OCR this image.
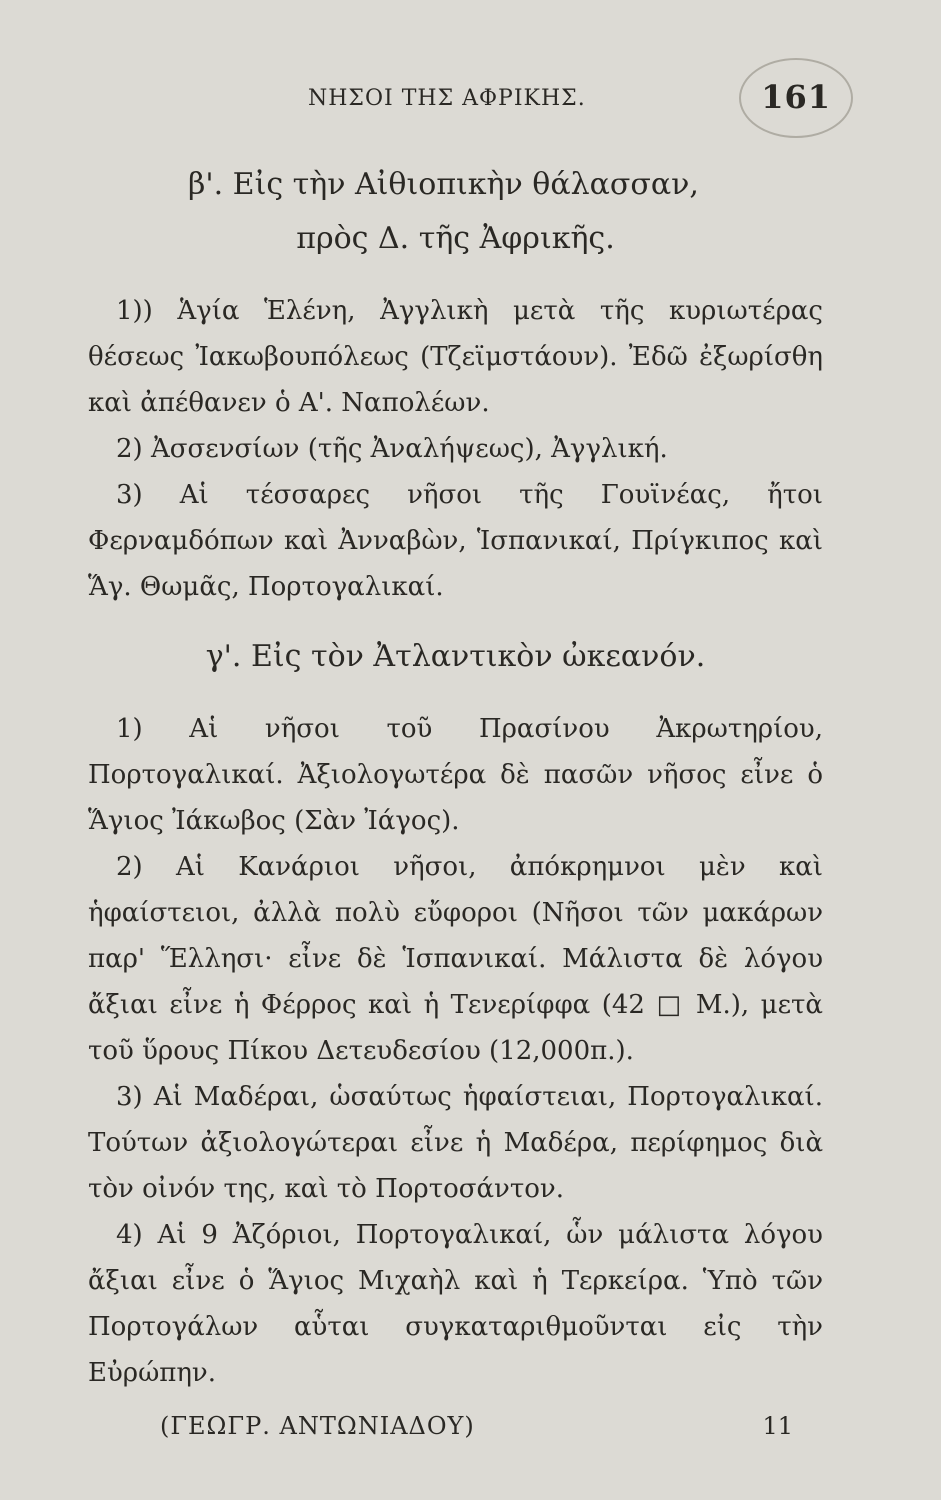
ΝΗΣΟΙ ΤΗΣ ΑΦΡΙΚΗΣ.	161

β'. Εἰς τὴν Αἰθιοπικὴν θάλασσαν,

πρὸς Δ. τῆς Ἀφρικῆς.

1)) Ἁγία Ἑλένη, Ἀγγλικὴ μετὰ τῆς κυριωτέρας θέσεως Ἰακωβουπόλεως (Τζεϊμστάουν). Ἐδῶ ἐξωρίσθη καὶ ἀπέθανεν ὁ Α'. Ναπολέων.

2) Ἀσσενσίων (τῆς Ἀναλήψεως), Ἀγγλική.

3) Αἱ τέσσαρες νῆσοι τῆς Γουϊνέας, ἤτοι Φερναμδόπων καὶ Ἀνναβὼν, Ἱσπανικαί, Πρίγκιπος καὶ Ἅγ. Θωμᾶς, Πορτογαλικαί.

γ'. Εἰς τὸν Ἀτλαντικὸν ὠκεανόν.

1) Αἱ νῆσοι τοῦ Πρασίνου Ἀκρωτηρίου, Πορτογαλικαί. Ἀξιολογωτέρα δὲ πασῶν νῆσος εἶνε ὁ Ἅγιος Ἰάκωβος (Σὰν Ἰάγος).

2) Αἱ Κανάριοι νῆσοι, ἀπόκρημνοι μὲν καὶ ἡφαίστειοι, ἀλλὰ πολὺ εὔφοροι (Νῆσοι τῶν μακάρων παρ' Ἕλλησι· εἶνε δὲ Ἱσπανικαί. Μάλιστα δὲ λόγου ἄξιαι εἶνε ἡ Φέρρος καὶ ἡ Τενερίφφα (42 □ Μ.), μετὰ τοῦ ὕρους Πίκου Δετευδεσίου (12,000π.).

3) Αἱ Μαδέραι, ὡσαύτως ἡφαίστειαι, Πορτογαλικαί. Τούτων ἀξιολογώτεραι εἶνε ἡ Μαδέρα, περίφημος διὰ τὸν οἰνόν της, καὶ τὸ Πορτοσάντον.

4) Αἱ 9 Ἀζόριοι, Πορτογαλικαί, ὧν μάλιστα λόγου ἄξιαι εἶνε ὁ Ἅγιος Μιχαὴλ καὶ ἡ Τερκείρα. Ὑπὸ τῶν Πορτογάλων αὗται συγκαταριθμοῦνται εἰς τὴν Εὐρώπην.

(ΓΕΩΓΡ. ΑΝΤΩΝΙΑΔΟΥ)	11
